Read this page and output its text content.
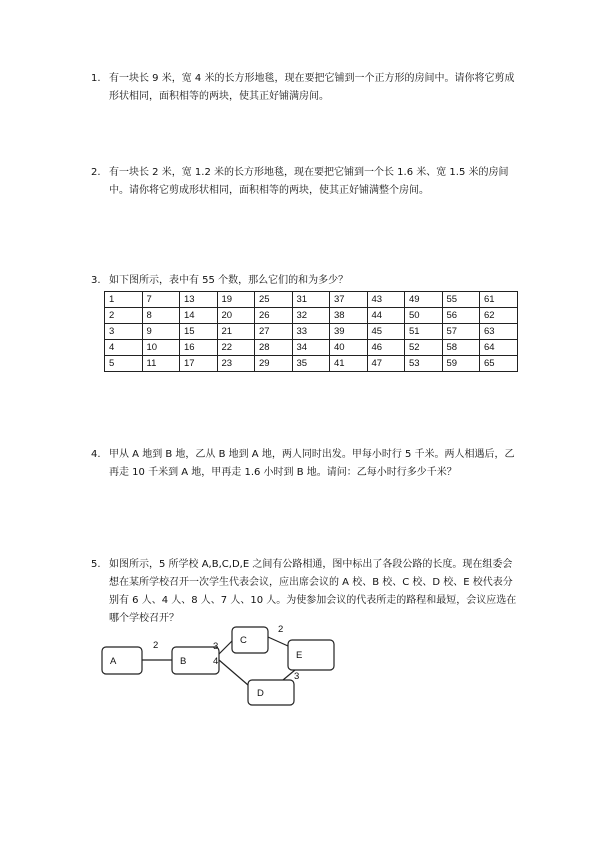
1. 有一块长 9 米，宽 4 米的长方形地毯，现在要把它铺到一个正方形的房间中。请你将它剪成形状相同，面积相等的两块，使其正好铺满房间。
2. 有一块长 2 米，宽 1.2 米的长方形地毯，现在要把它铺到一个长 1.6 米、宽 1.5 米的房间中。请你将它剪成形状相同，面积相等的两块，使其正好铺满整个房间。
3. 如下图所示，表中有 55 个数，那么它们的和为多少？
1	7	13	19	25	31	37	43	49	55	61
2	8	14	20	26	32	38	44	50	56	62
3	9	15	21	27	33	39	45	51	57	63
4	10	16	22	28	34	40	46	52	58	64
5	11	17	23	29	35	41	47	53	59	65
4. 甲从 A 地到 B 地，乙从 B 地到 A 地，两人同时出发。甲每小时行 5 千米。两人相遇后，乙再走 10 千米到 A 地，甲再走 1.6 小时到 B 地。请问：乙每小时行多少千米？
5. 如图所示，5 所学校 A,B,C,D,E 之间有公路相通，图中标出了各段公路的长度。现在组委会想在某所学校召开一次学生代表会议，应出席会议的 A 校、B 校、C 校、D 校、E 校代表分别有 6 人、4 人、8 人、7 人、10 人。为使参加会议的代表所走的路程和最短，会议应选在哪个学校召开？
A	B
C
E
D
2	3
4
2
3
